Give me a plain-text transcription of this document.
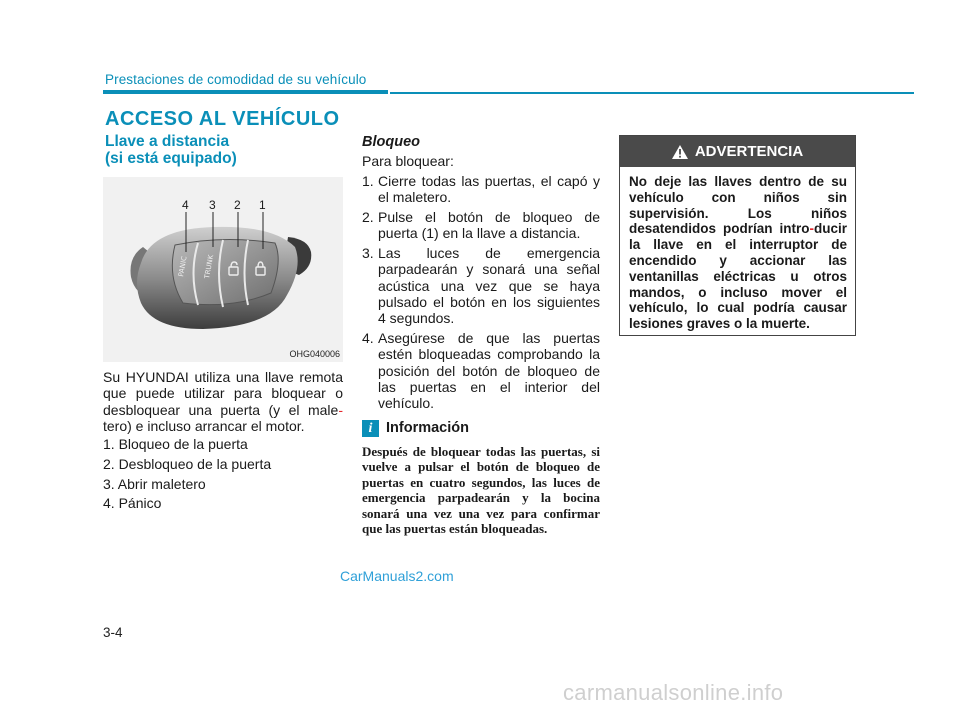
Prestaciones de comodidad de su vehículo
ACCESO AL VEHÍCULO
Llave a distancia
(si está equipado)
PANIC TRUNK
4 3 2 1
OHG040006
Su HYUNDAI utiliza una llave remota que puede utilizar para bloquear o desbloquear una puerta (y el male-tero) e incluso arrancar el motor.
1. Bloqueo de la puerta
2. Desbloqueo de la puerta
3. Abrir maletero
4. Pánico
Bloqueo
Para bloquear:
1. Cierre todas las puertas, el capó y el maletero.
2. Pulse el botón de bloqueo de puerta (1) en la llave a distancia.
3. Las luces de emergencia parpadearán y sonará una señal acústica una vez que se haya pulsado el botón en los siguientes 4 segundos.
4. Asegúrese de que las puertas estén bloqueadas comprobando la posición del botón de bloqueo de las puertas en el interior del vehículo.
i Información
Después de bloquear todas las puertas, si vuelve a pulsar el botón de bloqueo de puertas en cuatro segundos, las luces de emergencia parpadearán y la bocina sonará una vez una vez para confirmar que las puertas están bloqueadas.
ADVERTENCIA
No deje las llaves dentro de su vehículo con niños sin supervisión. Los niños desatendidos podrían intro-ducir la llave en el interruptor de encendido y accionar las ventanillas eléctricas u otros mandos, o incluso mover el vehículo, lo cual podría causar lesiones graves o la muerte.
CarManuals2.com
3-4
carmanualsonline.info
